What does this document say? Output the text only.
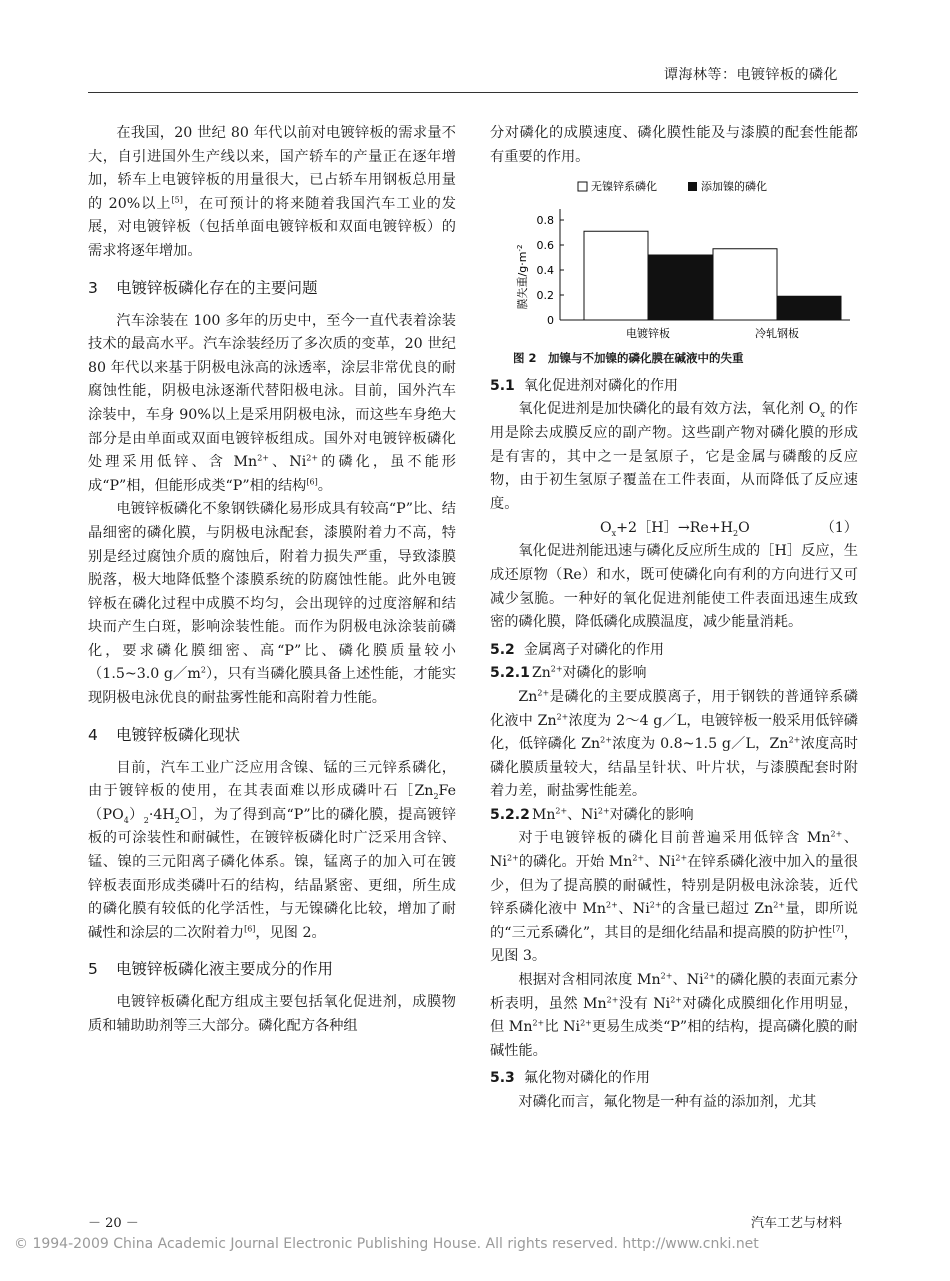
谭海林等：电镀锌板的磷化

在我国，20 世纪 80 年代以前对电镀锌板的需求量不大，自引进国外生产线以来，国产轿车的产量正在逐年增加，轿车上电镀锌板的用量很大，已占轿车用钢板总用量的 20%以上[5]，在可预计的将来随着我国汽车工业的发展，对电镀锌板（包括单面电镀锌板和双面电镀锌板）的需求将逐年增加。

3 电镀锌板磷化存在的主要问题

汽车涂装在 100 多年的历史中，至今一直代表着涂装技术的最高水平。汽车涂装经历了多次质的变革，20 世纪 80 年代以来基于阴极电泳高的泳透率，涂层非常优良的耐腐蚀性能，阴极电泳逐渐代替阳极电泳。目前，国外汽车涂装中，车身 90%以上是采用阴极电泳，而这些车身绝大部分是由单面或双面电镀锌板组成。国外对电镀锌板磷化处理采用低锌、含 $Mn^{2+}$、$Ni^{2+}$的磷化，虽不能形成“P”相，但能形成类“P”相的结构[6]。

电镀锌板磷化不象钢铁磷化易形成具有较高“P”比、结晶细密的磷化膜，与阴极电泳配套，漆膜附着力不高，特别是经过腐蚀介质的腐蚀后，附着力损失严重，导致漆膜脱落，极大地降低整个漆膜系统的防腐蚀性能。此外电镀锌板在磷化过程中成膜不均匀，会出现锌的过度溶解和结块而产生白斑，影响涂装性能。而作为阴极电泳涂装前磷化，要求磷化膜细密、高“P”比、磷化膜质量较小（1.5~3.0 $g/m^2$），只有当磷化膜具备上述性能，才能实现阴极电泳优良的耐盐雾性能和高附着力性能。

4 电镀锌板磷化现状

目前，汽车工业广泛应用含镍、锰的三元锌系磷化，由于镀锌板的使用，在其表面难以形成磷叶石$[Zn_2Fe(PO_4)_2\cdot 4H_2O]$，为了得到高“P”比的磷化膜，提高镀锌板的可涂装性和耐碱性，在镀锌板磷化时广泛采用含锌、锰、镍的三元阳离子磷化体系。镍，锰离子的加入可在镀锌板表面形成类磷叶石的结构，结晶紧密、更细，所生成的磷化膜有较低的化学活性，与无镍磷化比较，增加了耐碱性和涂层的二次附着力[6]，见图 2。

5 电镀锌板磷化液主要成分的作用

电镀锌板磷化配方组成主要包括氧化促进剂，成膜物质和辅助助剂等三大部分。磷化配方各种组

分对磷化的成膜速度、磷化膜性能及与漆膜的配套性能都有重要的作用。

无镍锌系磷化	添加镍的磷化
膜失重$/g\cdot m^{-2}$
0
0.2
0.4
0.6
0.8
电镀锌板	冷轧钢板

图 2　加镍与不加镍的磷化膜在碱液中的失重

5.1 氧化促进剂对磷化的作用

氧化促进剂是加快磷化的最有效方法，氧化剂 $O_x$ 的作用是除去成膜反应的副产物。这些副产物对磷化膜的形成是有害的，其中之一是氢原子，它是金属与磷酸的反应物，由于初生氢原子覆盖在工件表面，从而降低了反应速度。

$O_x+2[H]\to Re+H_2O$	（1）

氧化促进剂能迅速与磷化反应所生成的［H］反应，生成还原物（Re）和水，既可使磷化向有利的方向进行又可减少氢脆。一种好的氧化促进剂能使工件表面迅速生成致密的磷化膜，降低磷化成膜温度，减少能量消耗。

5.2 金属离子对磷化的作用
5.2.1 $Zn^{2+}$对磷化的影响

$Zn^{2+}$是磷化的主要成膜离子，用于钢铁的普通锌系磷化液中 $Zn^{2+}$浓度为 2～4 g／L，电镀锌板一般采用低锌磷化，低锌磷化 $Zn^{2+}$浓度为 0.8~1.5 g／L，$Zn^{2+}$浓度高时磷化膜质量较大，结晶呈针状、叶片状，与漆膜配套时附着力差，耐盐雾性能差。

5.2.2 $Mn^{2+}$、$Ni^{2+}$对磷化的影响

对于电镀锌板的磷化目前普遍采用低锌含 $Mn^{2+}$、$Ni^{2+}$的磷化。开始 $Mn^{2+}$、$Ni^{2+}$在锌系磷化液中加入的量很少，但为了提高膜的耐碱性，特别是阴极电泳涂装，近代锌系磷化液中 $Mn^{2+}$、$Ni^{2+}$的含量已超过 $Zn^{2+}$量，即所说的“三元系磷化”，其目的是细化结晶和提高膜的防护性[7]，见图 3。

根据对含相同浓度 $Mn^{2+}$、$Ni^{2+}$的磷化膜的表面元素分析表明，虽然 $Mn^{2+}$没有 $Ni^{2+}$对磷化成膜细化作用明显，但 $Mn^{2+}$比 $Ni^{2+}$更易生成类“P”相的结构，提高磷化膜的耐碱性能。

5.3 氟化物对磷化的作用

对磷化而言，氟化物是一种有益的添加剂，尤其

－ 20 －	汽车工艺与材料
© 1994-2009 China Academic Journal Electronic Publishing House. All rights reserved. http://www.cnki.net
